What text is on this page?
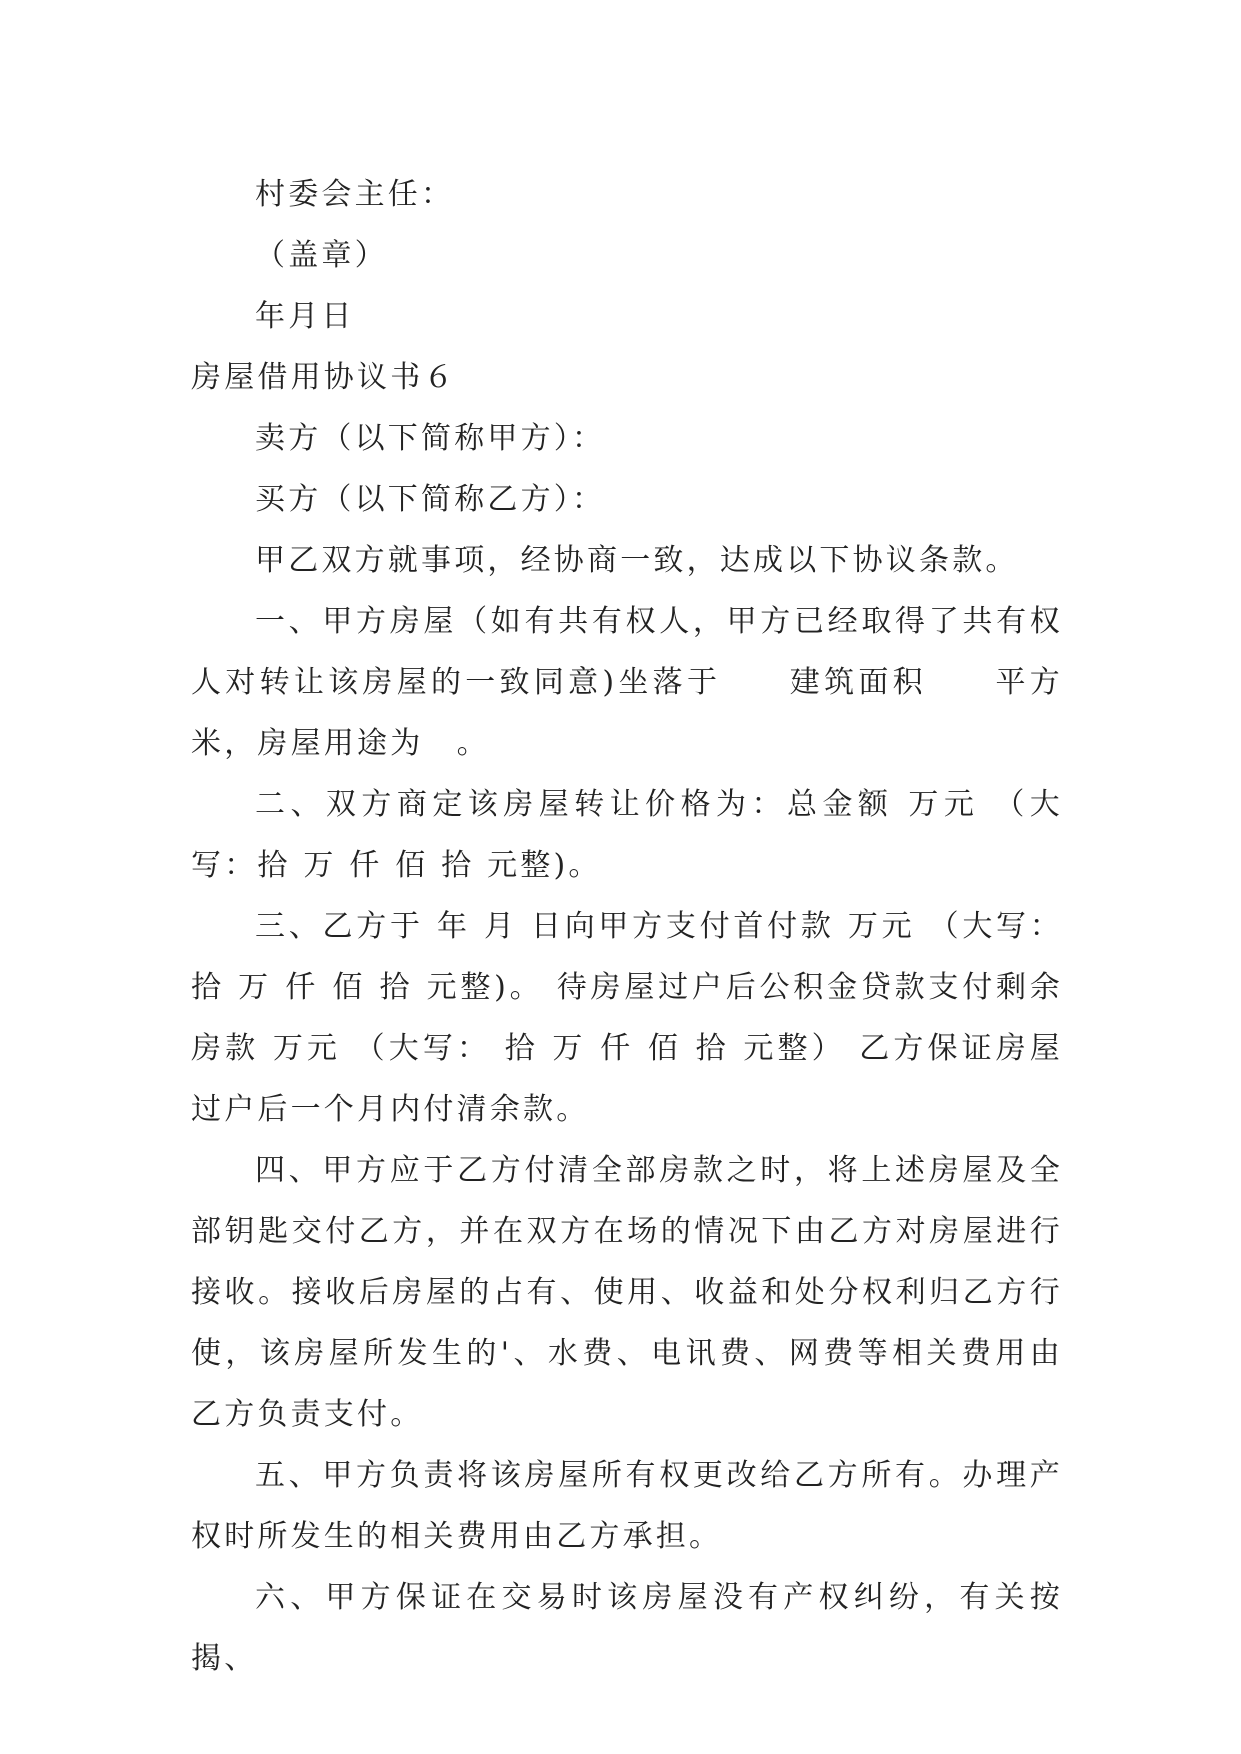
村委会主任：

（盖章）

年月日

房屋借用协议书６

卖方（以下简称甲方）：

买方（以下简称乙方）：

甲乙双方就事项，经协商一致，达成以下协议条款。

一、甲方房屋（如有共有权人，甲方已经取得了共有权人对转让该房屋的一致同意)坐落于　　建筑面积　　平方米，房屋用途为　。

二、双方商定该房屋转让价格为：总金额 万元 （大写：拾 万 仟 佰 拾 元整)。

三、乙方于 年 月 日向甲方支付首付款 万元 （大写：拾 万 仟 佰 拾 元整)。 待房屋过户后公积金贷款支付剩余房款 万元 （大写： 拾 万 仟 佰 拾 元整） 乙方保证房屋过户后一个月内付清余款。

四、甲方应于乙方付清全部房款之时，将上述房屋及全部钥匙交付乙方，并在双方在场的情况下由乙方对房屋进行接收。接收后房屋的占有、使用、收益和处分权利归乙方行使，该房屋所发生的'、水费、电讯费、网费等相关费用由乙方负责支付。

五、甲方负责将该房屋所有权更改给乙方所有。办理产权时所发生的相关费用由乙方承担。

六、甲方保证在交易时该房屋没有产权纠纷，有关按揭、
